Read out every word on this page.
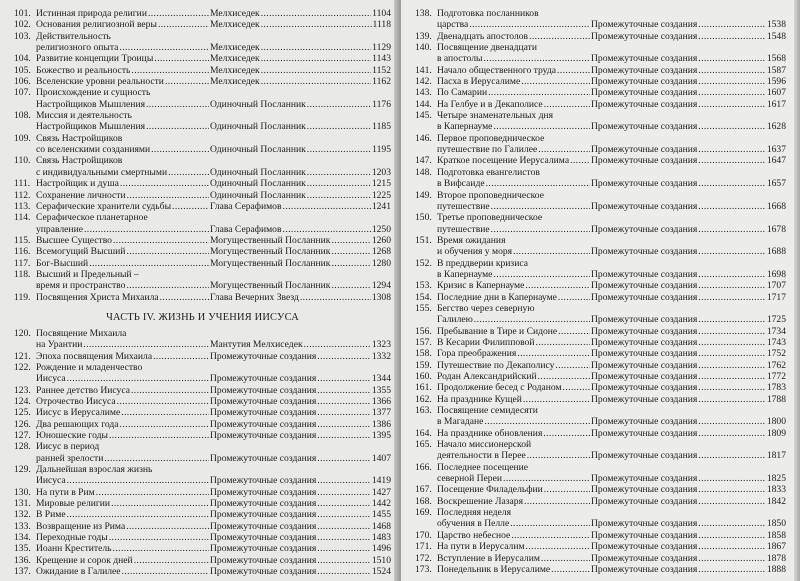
101. Истинная природа религии .....	Мелхиседек .....	1104
102. Основания религиозной веры .....	Мелхиседек .....	1118
103. Действительность
религиозного опыта .....	Мелхиседек .....	1129
104. Развитие концепции Троицы .....	Мелхиседек .....	1143
105. Божество и реальность .....	Мелхиседек .....	1152
106. Вселенские уровни реальности .....	Мелхиседек .....	1162
107. Происхождение и сущность
Настройщиков Мышления .....	Одиночный Посланник .....	1176
108. Миссия и деятельность
Настройщиков Мышления .....	Одиночный Посланник .....	1185
109. Связь Настройщиков
со вселенскими созданиями .....	Одиночный Посланник .....	1195
110. Связь Настройщиков
с индивидуальными смертными .....	Одиночный Посланник .....	1203
111. Настройщик и душа .....	Одиночный Посланник .....	1215
112. Сохранение личности .....	Одиночный Посланник .....	1225
113. Серафические хранители судьбы .....	Глава Серафимов .....	1241
114. Серафическое планетарное
управление .....	Глава Серафимов .....	1250
115. Высшее Существо .....	Могущественный Посланник .....	1260
116. Всемогущий Высший .....	Могущественный Посланник .....	1268
117. Бог-Высший .....	Могущественный Посланник .....	1280
118. Высший и Предельный –
время и пространство .....	Могущественный Посланник .....	1294
119. Посвящения Христа Михаила .....	Глава Вечерних Звезд .....	1308
ЧАСТЬ IV. ЖИЗНЬ И УЧЕНИЯ ИИСУСА
120. Посвящение Михаила
на Урантии .....	Мантутия Мелхиседек .....	1323
121. Эпоха посвящения Михаила .....	Промежуточные создания .....	1332
122. Рождение и младенчество
Иисуса .....	Промежуточные создания .....	1344
123. Раннее детство Иисуса .....	Промежуточные создания .....	1355
124. Отрочество Иисуса .....	Промежуточные создания .....	1366
125. Иисус в Иерусалиме .....	Промежуточные создания .....	1377
126. Два решающих года .....	Промежуточные создания .....	1386
127. Юношеские годы .....	Промежуточные создания .....	1395
128. Иисус в период
ранней зрелости .....	Промежуточные создания .....	1407
129. Дальнейшая взрослая жизнь
Иисуса .....	Промежуточные создания .....	1419
130. На пути в Рим .....	Промежуточные создания .....	1427
131. Мировые религии .....	Промежуточные создания .....	1442
132. В Риме .....	Промежуточные создания .....	1455
133. Возвращение из Рима .....	Промежуточные создания .....	1468
134. Переходные годы .....	Промежуточные создания .....	1483
135. Иоанн Креститель .....	Промежуточные создания .....	1496
136. Крещение и сорок дней .....	Промежуточные создания .....	1510
137. Ожидание в Галилее .....	Промежуточные создания .....	1524
138. Подготовка посланников
царства .....	Промежуточные создания .....	1538
139. Двенадцать апостолов .....	Промежуточные создания .....	1548
140. Посвящение двенадцати
в апостолы .....	Промежуточные создания .....	1568
141. Начало общественного труда .....	Промежуточные создания .....	1587
142. Пасха в Иерусалиме .....	Промежуточные создания .....	1596
143. По Самарии .....	Промежуточные создания .....	1607
144. На Гелбуе и в Декаполисе .....	Промежуточные создания .....	1617
145. Четыре знаменательных дня
в Капернауме .....	Промежуточные создания .....	1628
146. Первое проповедническое
путешествие по Галилее .....	Промежуточные создания .....	1637
147. Краткое посещение Иерусалима ..... Промежуточные создания .....	1647
148. Подготовка евангелистов
в Вифсаиде .....	Промежуточные создания .....	1657
149. Второе проповедническое
путешествие .....	Промежуточные создания .....	1668
150. Третье проповедническое
путешествие .....	Промежуточные создания .....	1678
151. Время ожидания
и обучения у моря .....	Промежуточные создания .....	1688
152. В преддверии кризиса
в Капернауме .....	Промежуточные создания .....	1698
153. Кризис в Капернауме .....	Промежуточные создания .....	1707
154. Последние дни в Капернауме .....	Промежуточные создания .....	1717
155. Бегство через северную
Галилею .....	Промежуточные создания .....	1725
156. Пребывание в Тире и Сидоне .....	Промежуточные создания .....	1734
157. В Кесарии Филипповой .....	Промежуточные создания .....	1743
158. Гора преображения .....	Промежуточные создания .....	1752
159. Путешествие по Декаполису .....	Промежуточные создания .....	1762
160. Родан Александрийский .....	Промежуточные создания .....	1772
161. Продолжение бесед с Роданом .....	Промежуточные создания .....	1783
162. На празднике Кущей .....	Промежуточные создания .....	1788
163. Посвящение семидесяти
в Магадане .....	Промежуточные создания .....	1800
164. На празднике обновления .....	Промежуточные создания .....	1809
165. Начало миссионерской
деятельности в Перее .....	Промежуточные создания .....	1817
166. Последнее посещение
северной Переи .....	Промежуточные создания .....	1825
167. Посещение Филадельфии .....	Промежуточные создания .....	1833
168. Воскрешение Лазаря .....	Промежуточные создания .....	1842
169. Последняя неделя
обучения в Пелле .....	Промежуточные создания .....	1850
170. Царство небесное .....	Промежуточные создания .....	1858
171. На пути в Иерусалим .....	Промежуточные создания .....	1867
172. Вступление в Иерусалим .....	Промежуточные создания .....	1878
173. Понедельник в Иерусалиме .....	Промежуточные создания .....	1888
